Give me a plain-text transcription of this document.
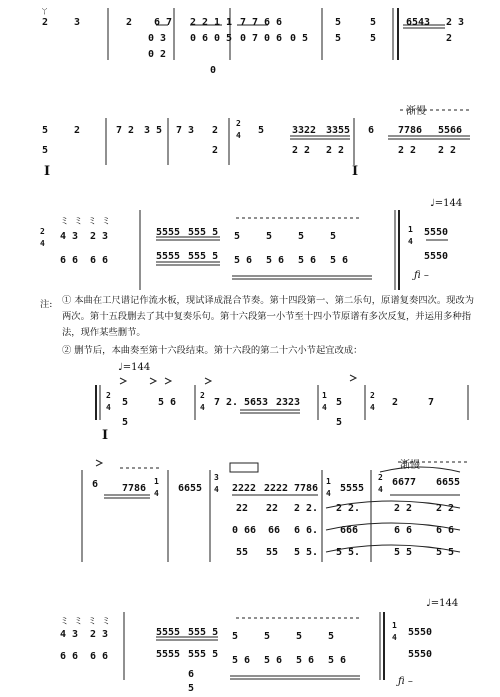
ㄚ
2	6 7
2
0 3
0 2
2 2 1 1
0 6 0 5
0
7 7 6 6
0 7 0 6 0 5
5	5
5	5
6543 2 3
2
3
渐慢
5	2
5
7 2 3 5 7 3 2
2
2
4 5	3322 3355
2 2 2 2
6 7786 5566
2 2 2 2
I	I
♩=144
ミ ミ ミ ミ
2
4
4 3 2 3
6 6 6 6
5555 555 5
5555 555 5
5	5	5	5
5 6 5 6 5 6 5 6
1
4
5550
5550
ƒi –
注: ① 本曲在工尺谱记作流水板，现试译成混合节奏。第十四段第一、第二乐句，原谱复奏四次。现改为两次。第十五段删去了其中复奏乐句。第十六段第一小节至十四小节原谱有多次反复，并运用多种指法，现作某些删节。
② 删节后，本曲奏至第十六段结束。第十六段的第二十六小节起宜改成：
♩=144
2
4 5	5 6
5
2
4 7 2. 5653 2323
1
4 5
5
2
4 2	7
I
渐慢
6 7786
1
4 6655
3
4 2222 2222 7786
1
4 5555
2
4
6677 6655
22 22 2 2. 2 2.	2 2 2 2
0 66 66 6 6. 666	6 6 6 6
55 55 5 5. 5 5.	5 5 5 5
♩=144
ミ ミ ミ ミ
4 3 2 3
6 6 6 6
5555 555 5
5555 555 5
6
5
5	5	5	5
5 6 5 6 5 6 5 6
1
4 5550
5550
ƒi –
